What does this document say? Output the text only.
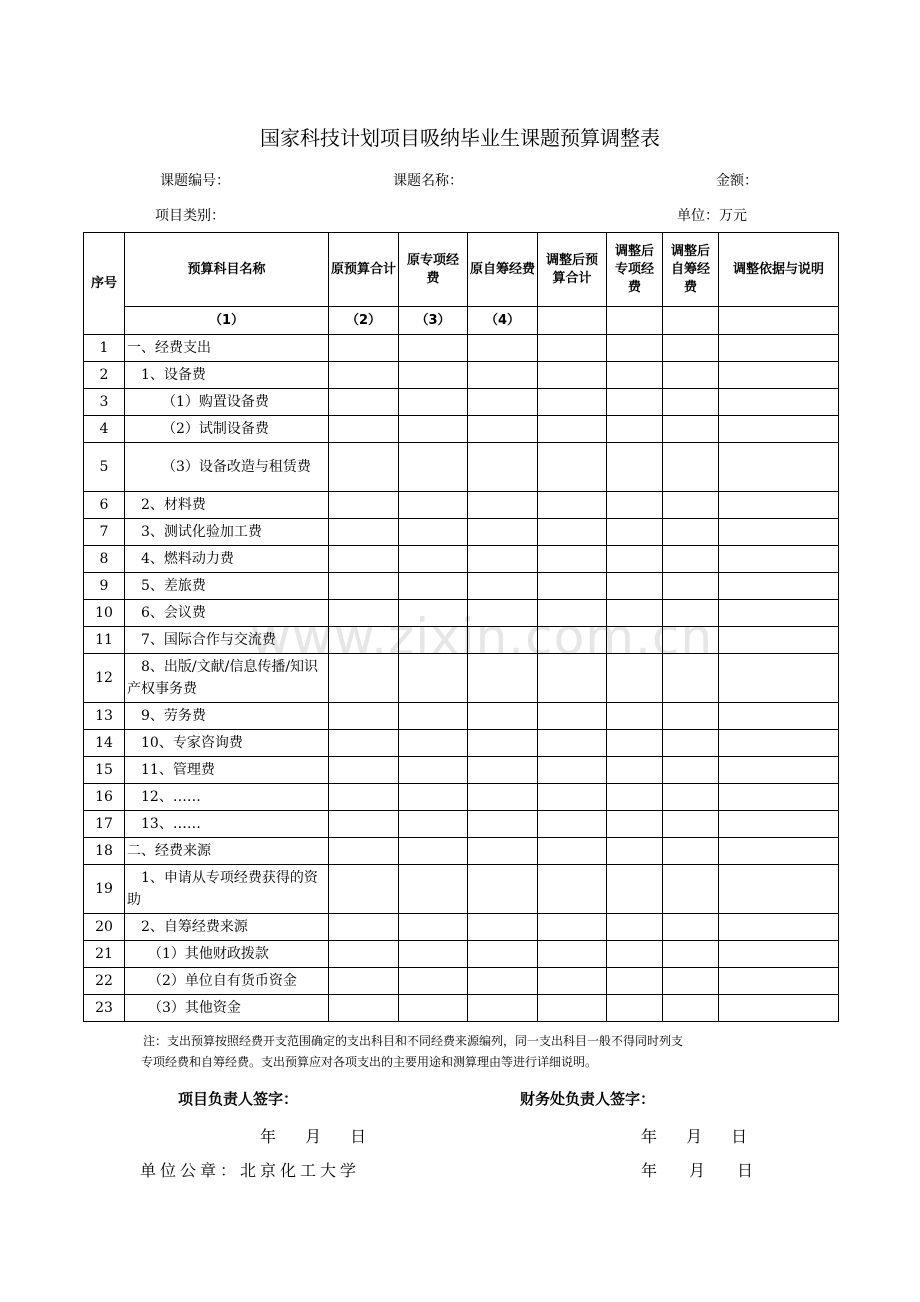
国家科技计划项目吸纳毕业生课题预算调整表
课题编号：	课题名称：	金额：
项目类别：	单位：万元
www.zixin.com.cn
序号	预算科目名称	原预算合计	原专项经费	原自筹经费	调整后预算合计	调整后专项经费	调整后自筹经费	调整依据与说明
	（1）	（2）	（3）	（4）				
1	一、经费支出							
2	　1、设备费							
3	　　　（1）购置设备费							
4	　　　（2）试制设备费							
5	　　　（3）设备改造与租赁费							
6	　2、材料费							
7	　3、测试化验加工费							
8	　4、燃料动力费							
9	　5、差旅费							
10	　6、会议费							
11	　7、国际合作与交流费							
12	　8、出版/文献/信息传播/知识产权事务费							
13	　9、劳务费							
14	　10、专家咨询费							
15	　11、管理费							
16	　12、……							
17	　13、……							
18	二、经费来源							
19	　1、申请从专项经费获得的资助							
20	　2、自筹经费来源							
21	　　（1）其他财政拨款							
22	　　（2）单位自有货币资金							
23	　　（3）其他资金							
注：支出预算按照经费开支范围确定的支出科目和不同经费来源编列，同一支出科目一般不得同时列支
专项经费和自筹经费。支出预算应对各项支出的主要用途和测算理由等进行详细说明。
项目负责人签字：	财务处负责人签字：
年　 月　 日	年　 月　 日
单位公章：北京化工大学	年　　月　　日
